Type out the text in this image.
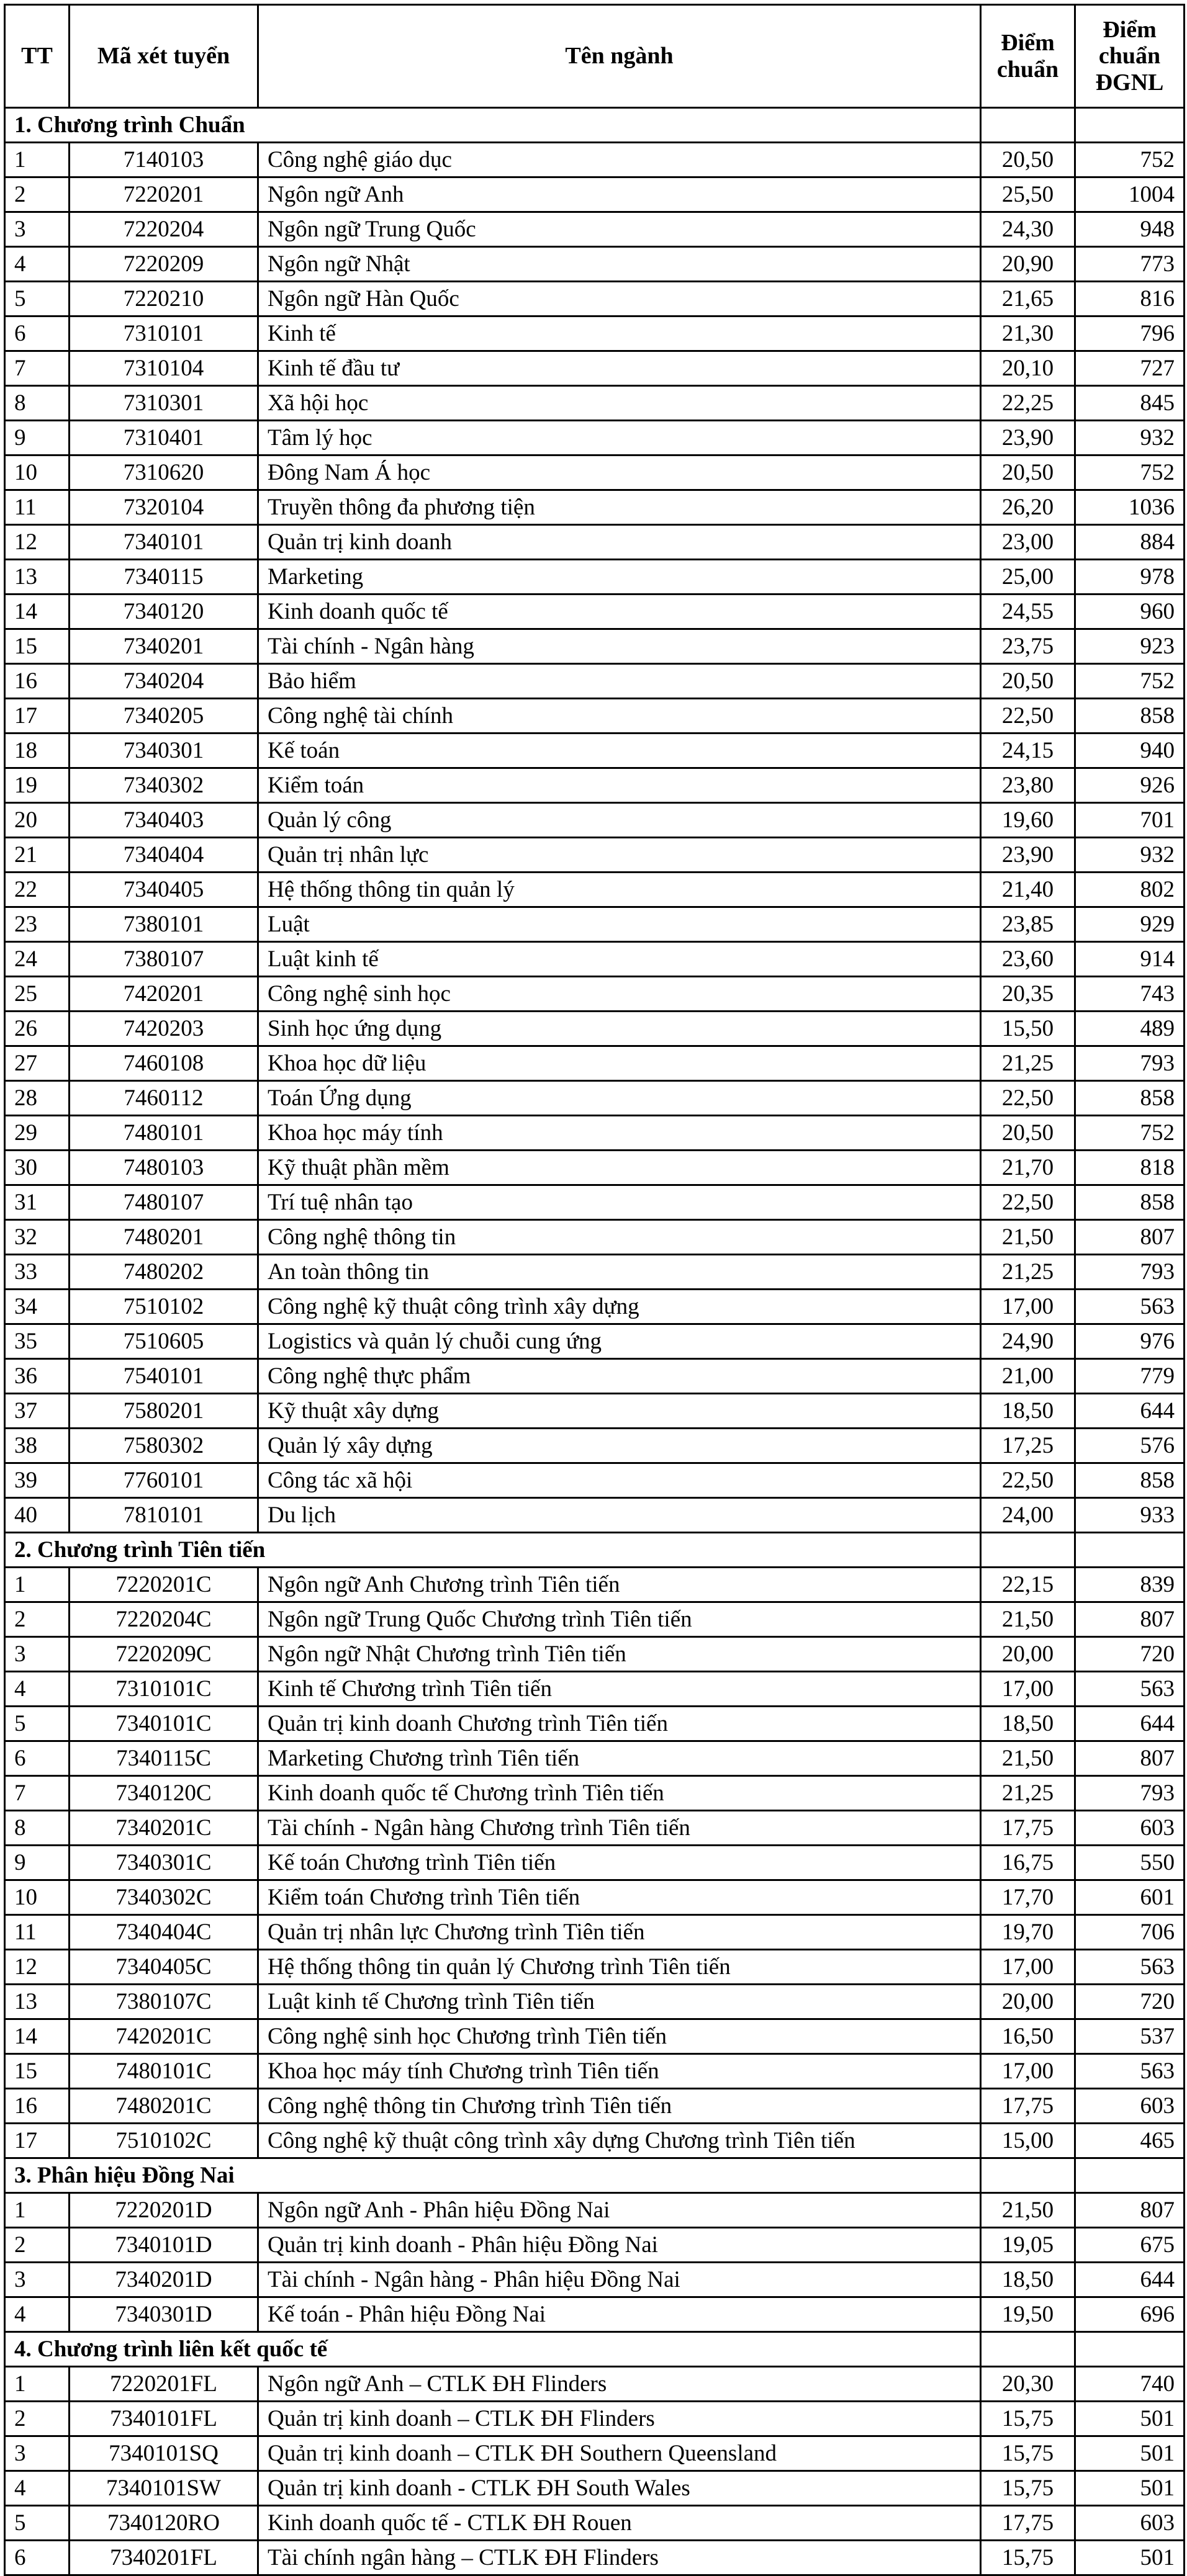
TT	Mã xét tuyển	Tên ngành	Điểm chuẩn	Điểm chuẩn ĐGNL
1. Chương trình Chuẩn				
1	7140103	Công nghệ giáo dục	20,50	752
2	7220201	Ngôn ngữ Anh	25,50	1004
3	7220204	Ngôn ngữ Trung Quốc	24,30	948
4	7220209	Ngôn ngữ Nhật	20,90	773
5	7220210	Ngôn ngữ Hàn Quốc	21,65	816
6	7310101	Kinh tế	21,30	796
7	7310104	Kinh tế đầu tư	20,10	727
8	7310301	Xã hội học	22,25	845
9	7310401	Tâm lý học	23,90	932
10	7310620	Đông Nam Á học	20,50	752
11	7320104	Truyền thông đa phương tiện	26,20	1036
12	7340101	Quản trị kinh doanh	23,00	884
13	7340115	Marketing	25,00	978
14	7340120	Kinh doanh quốc tế	24,55	960
15	7340201	Tài chính - Ngân hàng	23,75	923
16	7340204	Bảo hiểm	20,50	752
17	7340205	Công nghệ tài chính	22,50	858
18	7340301	Kế toán	24,15	940
19	7340302	Kiểm toán	23,80	926
20	7340403	Quản lý công	19,60	701
21	7340404	Quản trị nhân lực	23,90	932
22	7340405	Hệ thống thông tin quản lý	21,40	802
23	7380101	Luật	23,85	929
24	7380107	Luật kinh tế	23,60	914
25	7420201	Công nghệ sinh học	20,35	743
26	7420203	Sinh học ứng dụng	15,50	489
27	7460108	Khoa học dữ liệu	21,25	793
28	7460112	Toán Ứng dụng	22,50	858
29	7480101	Khoa học máy tính	20,50	752
30	7480103	Kỹ thuật phần mềm	21,70	818
31	7480107	Trí tuệ nhân tạo	22,50	858
32	7480201	Công nghệ thông tin	21,50	807
33	7480202	An toàn thông tin	21,25	793
34	7510102	Công nghệ kỹ thuật công trình xây dựng	17,00	563
35	7510605	Logistics và quản lý chuỗi cung ứng	24,90	976
36	7540101	Công nghệ thực phẩm	21,00	779
37	7580201	Kỹ thuật xây dựng	18,50	644
38	7580302	Quản lý xây dựng	17,25	576
39	7760101	Công tác xã hội	22,50	858
40	7810101	Du lịch	24,00	933
2. Chương trình Tiên tiến				
1	7220201C	Ngôn ngữ Anh Chương trình Tiên tiến	22,15	839
2	7220204C	Ngôn ngữ Trung Quốc Chương trình Tiên tiến	21,50	807
3	7220209C	Ngôn ngữ Nhật Chương trình Tiên tiến	20,00	720
4	7310101C	Kinh tế Chương trình Tiên tiến	17,00	563
5	7340101C	Quản trị kinh doanh Chương trình Tiên tiến	18,50	644
6	7340115C	Marketing Chương trình Tiên tiến	21,50	807
7	7340120C	Kinh doanh quốc tế Chương trình Tiên tiến	21,25	793
8	7340201C	Tài chính - Ngân hàng Chương trình Tiên tiến	17,75	603
9	7340301C	Kế toán Chương trình Tiên tiến	16,75	550
10	7340302C	Kiểm toán Chương trình Tiên tiến	17,70	601
11	7340404C	Quản trị nhân lực Chương trình Tiên tiến	19,70	706
12	7340405C	Hệ thống thông tin quản lý Chương trình Tiên tiến	17,00	563
13	7380107C	Luật kinh tế Chương trình Tiên tiến	20,00	720
14	7420201C	Công nghệ sinh học Chương trình Tiên tiến	16,50	537
15	7480101C	Khoa học máy tính Chương trình Tiên tiến	17,00	563
16	7480201C	Công nghệ thông tin Chương trình Tiên tiến	17,75	603
17	7510102C	Công nghệ kỹ thuật công trình xây dựng Chương trình Tiên tiến	15,00	465
3. Phân hiệu Đồng Nai				
1	7220201D	Ngôn ngữ Anh - Phân hiệu Đồng Nai	21,50	807
2	7340101D	Quản trị kinh doanh - Phân hiệu Đồng Nai	19,05	675
3	7340201D	Tài chính - Ngân hàng - Phân hiệu Đồng Nai	18,50	644
4	7340301D	Kế toán - Phân hiệu Đồng Nai	19,50	696
4. Chương trình liên kết quốc tế				
1	7220201FL	Ngôn ngữ Anh – CTLK ĐH Flinders	20,30	740
2	7340101FL	Quản trị kinh doanh – CTLK ĐH Flinders	15,75	501
3	7340101SQ	Quản trị kinh doanh – CTLK ĐH Southern Queensland	15,75	501
4	7340101SW	Quản trị kinh doanh - CTLK ĐH South Wales	15,75	501
5	7340120RO	Kinh doanh quốc tế - CTLK ĐH Rouen	17,75	603
6	7340201FL	Tài chính ngân hàng – CTLK ĐH Flinders	15,75	501
